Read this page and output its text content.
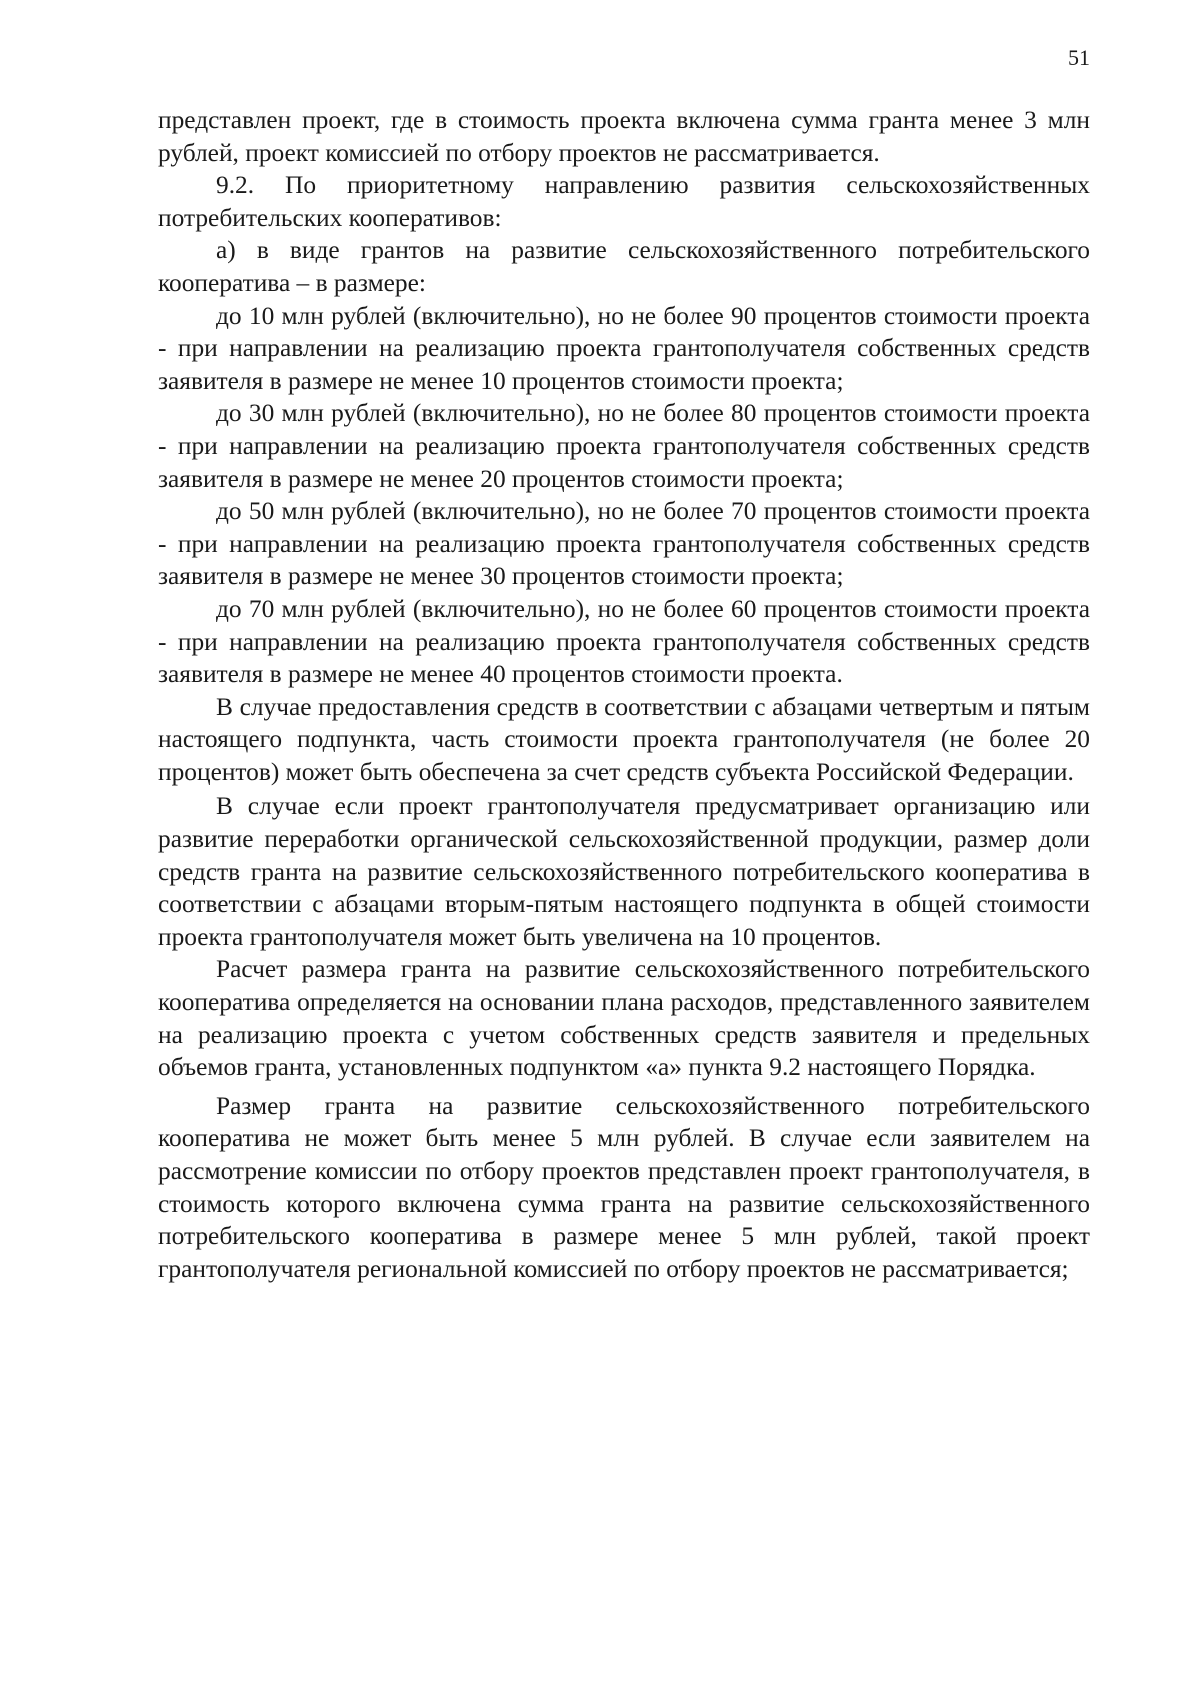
51

представлен проект, где в стоимость проекта включена сумма гранта менее 3 млн рублей, проект комиссией по отбору проектов не рассматривается.

9.2. По приоритетному направлению развития сельскохозяйственных потребительских кооперативов:

а) в виде грантов на развитие сельскохозяйственного потребительского кооператива – в размере:

до 10 млн рублей (включительно), но не более 90 процентов стоимости проекта - при направлении на реализацию проекта грантополучателя собственных средств заявителя в размере не менее 10 процентов стоимости проекта;

до 30 млн рублей (включительно), но не более 80 процентов стоимости проекта - при направлении на реализацию проекта грантополучателя собственных средств заявителя в размере не менее 20 процентов стоимости проекта;

до 50 млн рублей (включительно), но не более 70 процентов стоимости проекта - при направлении на реализацию проекта грантополучателя собственных средств заявителя в размере не менее 30 процентов стоимости проекта;

до 70 млн рублей (включительно), но не более 60 процентов стоимости проекта - при направлении на реализацию проекта грантополучателя собственных средств заявителя в размере не менее 40 процентов стоимости проекта.

В случае предоставления средств в соответствии с абзацами четвертым и пятым настоящего подпункта, часть стоимости проекта грантополучателя (не более 20 процентов) может быть обеспечена за счет средств субъекта Российской Федерации.

В случае если проект грантополучателя предусматривает организацию или развитие переработки органической сельскохозяйственной продукции, размер доли средств гранта на развитие сельскохозяйственного потребительского кооператива в соответствии с абзацами вторым-пятым настоящего подпункта в общей стоимости проекта грантополучателя может быть увеличена на 10 процентов.

Расчет размера гранта на развитие сельскохозяйственного потребительского кооператива определяется на основании плана расходов, представленного заявителем на реализацию проекта с учетом собственных средств заявителя и предельных объемов гранта, установленных подпунктом «а» пункта 9.2 настоящего Порядка.

Размер гранта на развитие сельскохозяйственного потребительского кооператива не может быть менее 5 млн рублей. В случае если заявителем на рассмотрение комиссии по отбору проектов представлен проект грантополучателя, в стоимость которого включена сумма гранта на развитие сельскохозяйственного потребительского кооператива в размере менее 5 млн рублей, такой проект грантополучателя региональной комиссией по отбору проектов не рассматривается;
